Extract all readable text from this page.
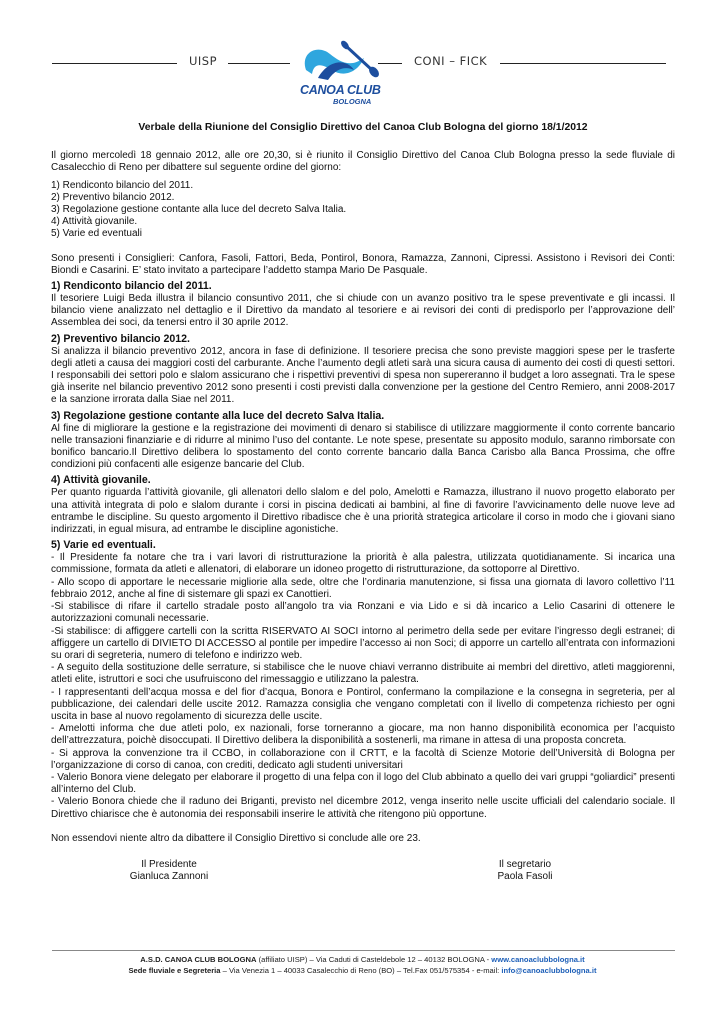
UISP	CONI – FICK
CANOA CLUB
BOLOGNA

Verbale della Riunione del Consiglio Direttivo del Canoa Club Bologna del giorno 18/1/2012

Il giorno mercoledì 18 gennaio 2012, alle ore 20,30, si è riunito il Consiglio Direttivo del Canoa Club Bologna presso la sede fluviale di Casalecchio di Reno per dibattere sul seguente ordine del giorno:

1) Rendiconto bilancio del 2011.

2) Preventivo bilancio 2012.

3) Regolazione gestione contante alla luce del decreto Salva Italia.

4) Attività giovanile.

5) Varie ed eventuali

Sono presenti i Consiglieri: Canfora, Fasoli, Fattori, Beda, Pontirol, Bonora, Ramazza, Zannoni, Cipressi. Assistono i Revisori dei Conti: Biondi e Casarini. E’ stato invitato a partecipare l’addetto stampa Mario De Pasquale.

1) Rendiconto bilancio del 2011.

Il tesoriere Luigi Beda illustra il bilancio consuntivo 2011, che si chiude con un avanzo positivo tra le spese preventivate e gli incassi. Il bilancio viene analizzato nel dettaglio e il Direttivo da mandato al tesoriere e ai revisori dei conti di predisporlo per l’approvazione dell’ Assemblea dei soci, da tenersi entro il 30 aprile 2012.

2) Preventivo bilancio 2012.

Si analizza il bilancio preventivo 2012, ancora in fase di definizione. Il tesoriere precisa che sono previste maggiori spese per le trasferte degli atleti a causa dei maggiori costi del carburante. Anche l’aumento degli atleti sarà una sicura causa di aumento dei costi di questi settori. I responsabili dei settori polo e slalom assicurano che i rispettivi preventivi di spesa non supereranno il budget a loro assegnati. Tra le spese già inserite nel bilancio preventivo 2012 sono presenti i costi previsti dalla convenzione per la gestione del Centro Remiero, anni 2008-2017 e la sanzione irrorata dalla Siae nel 2011.

3) Regolazione gestione contante alla luce del decreto Salva Italia.

Al fine di migliorare la gestione e la registrazione dei movimenti di denaro si stabilisce di utilizzare maggiormente il conto corrente bancario nelle transazioni finanziarie e di ridurre al minimo l’uso del contante. Le note spese, presentate su apposito modulo, saranno rimborsate con bonifico bancario.Il Direttivo delibera lo spostamento del conto corrente bancario dalla Banca Carisbo alla Banca Prossima, che offre condizioni più confacenti alle esigenze bancarie del Club.

4) Attività giovanile.

Per quanto riguarda l’attività giovanile, gli allenatori dello slalom e del polo, Amelotti e Ramazza, illustrano il nuovo progetto elaborato per una attività integrata di polo e slalom durante i corsi in piscina dedicati ai bambini, al fine di favorire l’avvicinamento delle nuove leve ad entrambe le discipline. Su questo argomento il Direttivo ribadisce che è una priorità strategica articolare il corso in modo che i giovani siano indirizzati, in egual misura, ad entrambe le discipline agonistiche.

5) Varie ed eventuali.

- Il Presidente fa notare che tra i vari lavori di ristrutturazione la priorità è alla palestra, utilizzata quotidianamente. Si incarica una commissione, formata da atleti e allenatori, di elaborare un idoneo progetto di ristrutturazione, da sottoporre al Direttivo.

- Allo scopo di apportare le necessarie migliorie alla sede, oltre che l’ordinaria manutenzione, si fissa una giornata di lavoro collettivo l’11 febbraio 2012, anche al fine di sistemare gli spazi ex Canottieri.

-Si stabilisce di rifare il cartello stradale posto all’angolo tra via Ronzani e via Lido e si dà incarico a Lelio Casarini di ottenere le autorizzazioni comunali necessarie.

-Si stabilisce: di affiggere cartelli con la scritta RISERVATO AI SOCI intorno al perimetro della sede per evitare l’ingresso degli estranei; di affiggere un cartello di DIVIETO DI ACCESSO al pontile per impedire l’accesso ai non Soci; di apporre un cartello all’entrata con informazioni su orari di segreteria, numero di telefono e indirizzo web.

- A seguito della sostituzione delle serrature, si stabilisce che le nuove chiavi verranno distribuite ai membri del direttivo, atleti maggiorenni, atleti elite, istruttori e soci che usufruiscono del rimessaggio e utilizzano la palestra.

- I rappresentanti dell’acqua mossa e del fior d’acqua, Bonora e Pontirol, confermano la compilazione e la consegna in segreteria, per al pubblicazione, dei calendari delle uscite 2012. Ramazza consiglia che vengano completati con il livello di competenza richiesto per ogni uscita in base al nuovo regolamento di sicurezza delle uscite.

- Amelotti informa che due atleti polo, ex nazionali, forse torneranno a giocare, ma non hanno disponibilità economica per l’acquisto dell’attrezzatura, poichè disoccupati. Il Direttivo delibera la disponibilità a sostenerli, ma rimane in attesa di una proposta concreta.

- Si approva la convenzione tra il CCBO, in collaborazione con il CRTT, e la facoltà di Scienze Motorie dell’Università di Bologna per l’organizzazione di corso di canoa, con crediti, dedicato agli studenti universitari

- Valerio Bonora viene delegato per elaborare il progetto di una felpa con il logo del Club abbinato a quello dei vari gruppi “goliardici” presenti all’interno del Club.

- Valerio Bonora chiede che il raduno dei Briganti, previsto nel dicembre 2012, venga inserito nelle uscite ufficiali del calendario sociale. Il Direttivo chiarisce che è autonomia dei responsabili inserire le attività che ritengono più opportune.

Non essendovi niente altro da dibattere il Consiglio Direttivo si conclude alle ore 23.

Il Presidente
Gianluca Zannoni
Il segretario
Paola Fasoli
A.S.D. CANOA CLUB BOLOGNA (affiliato UISP) – Via Caduti di Casteldebole 12 – 40132 BOLOGNA - www.canoaclubbologna.it
Sede fluviale e Segreteria – Via Venezia 1 – 40033 Casalecchio di Reno (BO) – Tel.Fax 051/575354 - e-mail: info@canoaclubbologna.it
